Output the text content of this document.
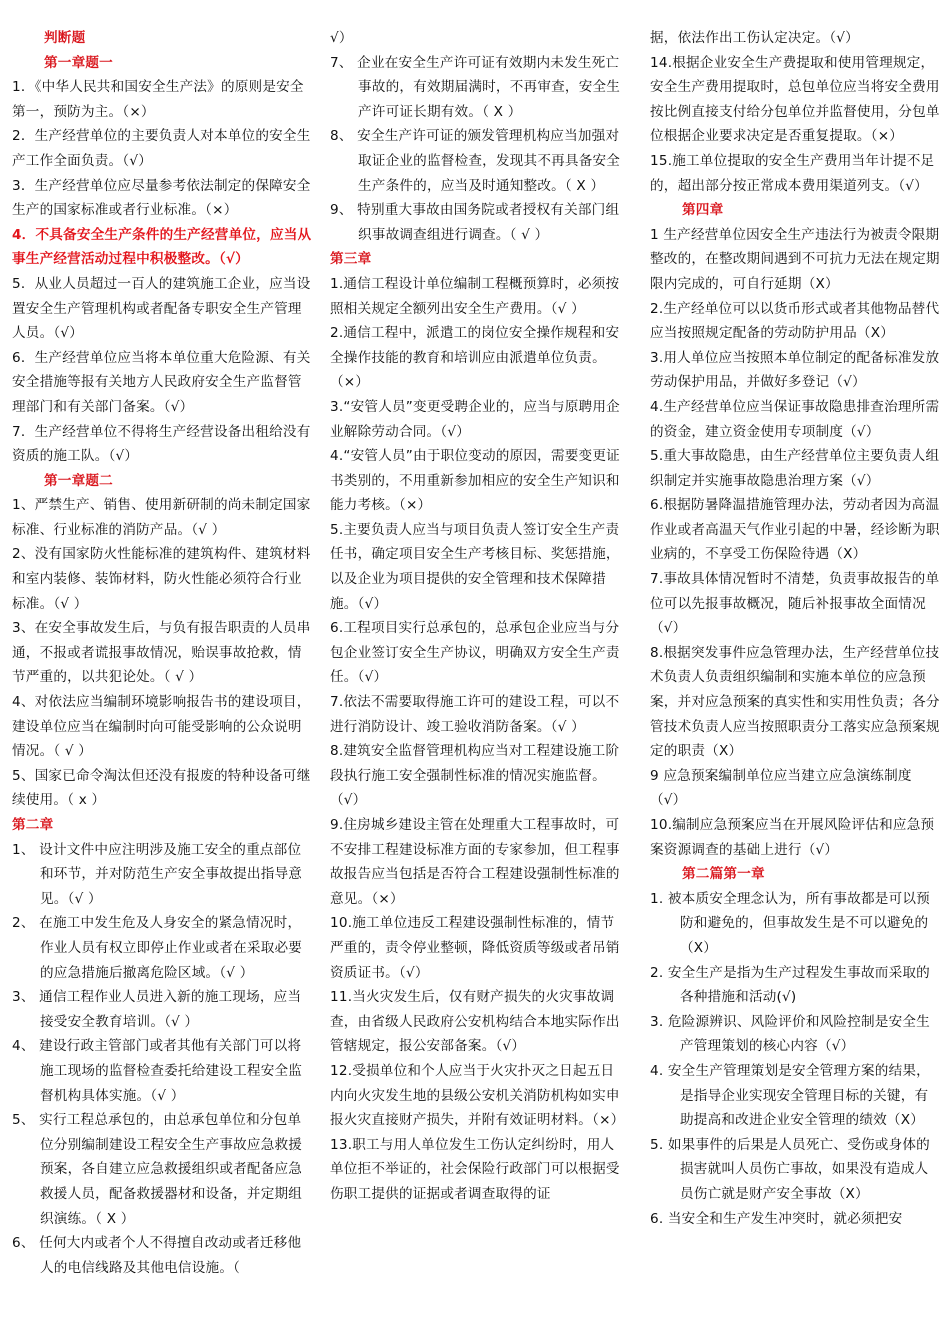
判断题
第一章题一
1．《中华人民共和国安全生产法》的原则是安全第一，预防为主。（×）
2．生产经营单位的主要负责人对本单位的安全生产工作全面负责。（√）
3．生产经营单位应尽量参考依法制定的保障安全生产的国家标准或者行业标准。（×）
4．不具备安全生产条件的生产经营单位，应当从事生产经营活动过程中积极整改。（√）
5．从业人员超过一百人的建筑施工企业，应当设置安全生产管理机构或者配备专职安全生产管理人员。（√）
6．生产经营单位应当将本单位重大危险源、有关安全措施等报有关地方人民政府安全生产监督管理部门和有关部门备案。（√）
7．生产经营单位不得将生产经营设备出租给没有资质的施工队。（√）
第一章题二
1、严禁生产、销售、使用新研制的尚未制定国家标准、行业标准的消防产品。（√ ）
2、没有国家防火性能标准的建筑构件、建筑材料和室内装修、装饰材料，防火性能必须符合行业标准。（√ ）
3、在安全事故发生后，与负有报告职责的人员串通，不报或者谎报事故情况，贻误事故抢救，情节严重的，以共犯论处。（ √ ）
4、对依法应当编制环境影响报告书的建设项目，建设单位应当在编制时向可能受影响的公众说明情况。（ √ ）
5、国家已命令淘汰但还没有报废的特种设备可继续使用。（ x ）
第二章
1、 设计文件中应注明涉及施工安全的重点部位和环节，并对防范生产安全事故提出指导意见。（√ ）
2、 在施工中发生危及人身安全的紧急情况时，作业人员有权立即停止作业或者在采取必要的应急措施后撤离危险区域。（√ ）
3、 通信工程作业人员进入新的施工现场，应当接受安全教育培训。（√ ）
4、 建设行政主管部门或者其他有关部门可以将施工现场的监督检查委托给建设工程安全监督机构具体实施。（√ ）
5、 实行工程总承包的，由总承包单位和分包单位分别编制建设工程安全生产事故应急救援预案，各自建立应急救援组织或者配备应急救援人员，配备救援器材和设备，并定期组织演练。（ X ）
6、 任何大内或者个人不得擅自改动或者迁移他人的电信线路及其他电信设施。（
√）
7、 企业在安全生产许可证有效期内未发生死亡事故的，有效期届满时，不再审查，安全生产许可证长期有效。（ X ）
8、 安全生产许可证的颁发管理机构应当加强对取证企业的监督检查，发现其不再具备安全生产条件的，应当及时通知整改。（ X ）
9、 特别重大事故由国务院或者授权有关部门组织事故调查组进行调查。（ √ ）
第三章
1.通信工程设计单位编制工程概预算时，必须按照相关规定全额列出安全生产费用。（√ ）
2.通信工程中，派遣工的岗位安全操作规程和安全操作技能的教育和培训应由派遣单位负责。（×）
3.“安管人员”变更受聘企业的，应当与原聘用企业解除劳动合同。（√）
4.“安管人员”由于职位变动的原因，需要变更证书类别的，不用重新参加相应的安全生产知识和能力考核。（×）
5.主要负责人应当与项目负责人签订安全生产责任书，确定项目安全生产考核目标、奖惩措施，以及企业为项目提供的安全管理和技术保障措施。（√）
6.工程项目实行总承包的，总承包企业应当与分包企业签订安全生产协议，明确双方安全生产责任。（√）
7.依法不需要取得施工许可的建设工程，可以不进行消防设计、竣工验收消防备案。（√ ）
8.建筑安全监督管理机构应当对工程建设施工阶段执行施工安全强制性标准的情况实施监督。（√）
9.住房城乡建设主管在处理重大工程事故时，可不安排工程建设标准方面的专家参加，但工程事故报告应当包括是否符合工程建设强制性标准的意见。（×）
10.施工单位违反工程建设强制性标准的，情节严重的，责令停业整顿，降低资质等级或者吊销资质证书。（√）
11.当火灾发生后，仅有财产损失的火灾事故调查，由省级人民政府公安机构结合本地实际作出管辖规定，报公安部备案。（√）
12.受损单位和个人应当于火灾扑灭之日起五日内向火灾发生地的县级公安机关消防机构如实申报火灾直接财产损失，并附有效证明材料。（×）
13.职工与用人单位发生工伤认定纠纷时，用人单位拒不举证的，社会保险行政部门可以根据受伤职工提供的证据或者调查取得的证
据，依法作出工伤认定决定。（√）
14.根据企业安全生产费提取和使用管理规定，安全生产费用提取时，总包单位应当将安全费用按比例直接支付给分包单位并监督使用，分包单位根据企业要求决定是否重复提取。（×）
15.施工单位提取的安全生产费用当年计提不足的，超出部分按正常成本费用渠道列支。（√）
第四章
1 生产经营单位因安全生产违法行为被责令限期整改的，在整改期间遇到不可抗力无法在规定期限内完成的，可自行延期（X）
2.生产经单位可以以货币形式或者其他物品替代应当按照规定配备的劳动防护用品（X）
3.用人单位应当按照本单位制定的配备标准发放劳动保护用品，并做好多登记（√）
4.生产经营单位应当保证事故隐患排查治理所需的资金，建立资金使用专项制度（√）
5.重大事故隐患，由生产经营单位主要负责人组织制定并实施事故隐患治理方案（√）
6.根据防暑降温措施管理办法，劳动者因为高温作业或者高温天气作业引起的中暑，经诊断为职业病的，不享受工伤保险待遇（X）
7.事故具体情况暂时不清楚，负责事故报告的单位可以先报事故概况，随后补报事故全面情况（√）
8.根据突发事件应急管理办法，生产经营单位技术负责人负责组织编制和实施本单位的应急预案，并对应急预案的真实性和实用性负责；各分管技术负责人应当按照职责分工落实应急预案规定的职责（X）
9 应急预案编制单位应当建立应急演练制度（√）
10.编制应急预案应当在开展风险评估和应急预案资源调查的基础上进行（√）
第二篇第一章
1. 被本质安全理念认为，所有事故都是可以预防和避免的，但事故发生是不可以避免的（X）
2. 安全生产是指为生产过程发生事故而采取的各种措施和活动(√)
3. 危险源辨识、风险评价和风险控制是安全生产管理策划的核心内容（√）
4. 安全生产管理策划是安全管理方案的结果，是指导企业实现安全管理目标的关键，有助提高和改进企业安全管理的绩效（X）
5. 如果事件的后果是人员死亡、受伤或身体的损害就叫人员伤亡事故，如果没有造成人员伤亡就是财产安全事故（X）
6. 当安全和生产发生冲突时，就必须把安
